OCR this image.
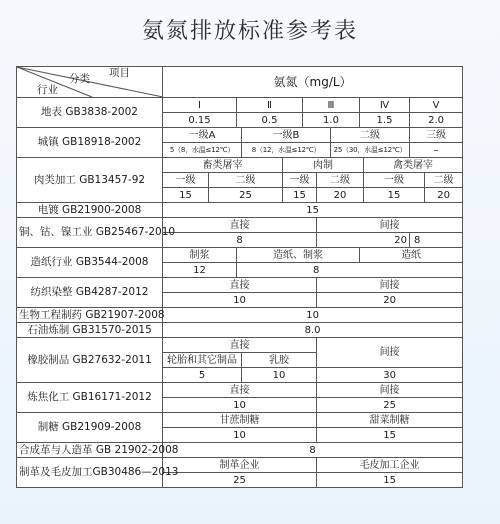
氨氮排放标准参考表
项目
分类
行业	氨氮（mg/L）											
地表 GB3838-2002	Ⅰ		Ⅱ			Ⅲ			Ⅳ		Ⅴ	
	0.15		0.5			1.0			1.5		2.0	
城镇 GB18918-2002	一级A			一级B				二级			三级	
	5（8，水温≤12℃）			8（12，水温≤12℃）				25（30，水温≤12℃）			–	
肉类加工 GB13457-92	畜类屠宰				肉制					禽类屠宰		
	一级	二级			一级		二级			一级		二级
	15	25			15		20			15		20
电镀 GB21900-2008	15											
铜、钴、镍工业 GB25467-2010	直接						间接					
	8						20				8	
造纸行业 GB3544-2008	制浆		造纸、制浆						造纸			
	12		8									
纺织染整 GB4287-2012	直接						间接					
	10						20					
生物工程制药 GB21907-2008	10											
石油炼制 GB31570-2015	8.0											
橡胶制品 GB27632-2011	直接						间接					
	轮胎和其它制品			乳胶								
	5			10			30					
炼焦化工 GB16171-2012	直接						间接					
	10						25					
制糖 GB21909-2008	甘蔗制糖						甜菜制糖					
	10						15					
合成革与人造革 GB 21902-2008	8											
制革及毛皮加工GB30486—2013	制革企业						毛皮加工企业					
	25						15					
